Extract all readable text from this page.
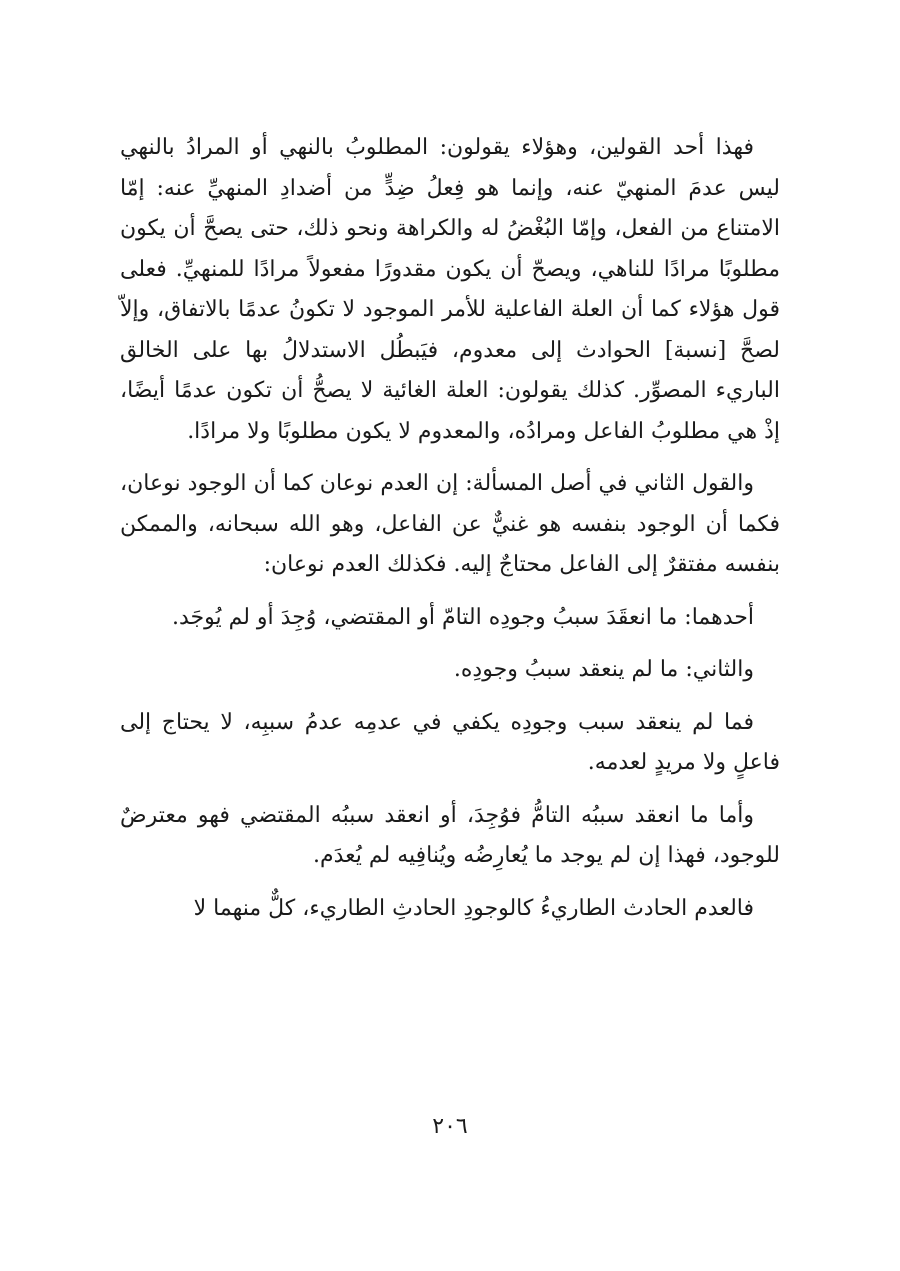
فهذا أحد القولين، وهؤلاء يقولون: المطلوبُ بالنهي أو المرادُ بالنهي ليس عدمَ المنهيّ عنه، وإنما هو فِعلُ ضِدٍّ من أضدادِ المنهيِّ عنه: إمّا الامتناع من الفعل، وإمّا البُغْضُ له والكراهة ونحو ذلك، حتى يصحَّ أن يكون مطلوبًا مرادًا للناهي، ويصحّ أن يكون مقدورًا مفعولاً مرادًا للمنهيِّ. فعلى قول هؤلاء كما أن العلة الفاعلية للأمر الموجود لا تكونُ عدمًا بالاتفاق، وإلاّ لصحَّ [نسبة] الحوادث إلى معدوم، فيَبطُل الاستدلالُ بها على الخالق الباريء المصوِّر. كذلك يقولون: العلة الغائية لا يصحُّ أن تكون عدمًا أيضًا، إذْ هي مطلوبُ الفاعل ومرادُه، والمعدوم لا يكون مطلوبًا ولا مرادًا.

والقول الثاني في أصل المسألة: إن العدم نوعان كما أن الوجود نوعان، فكما أن الوجود بنفسه هو غنيٌّ عن الفاعل، وهو الله سبحانه، والممكن بنفسه مفتقرٌ إلى الفاعل محتاجٌ إليه. فكذلك العدم نوعان:

أحدهما: ما انعقَدَ سببُ وجودِه التامّ أو المقتضي، وُجِدَ أو لم يُوجَد.

والثاني: ما لم ينعقد سببُ وجودِه.

فما لم ينعقد سبب وجودِه يكفي في عدمِه عدمُ سببِه، لا يحتاج إلى فاعلٍ ولا مريدٍ لعدمه.

وأما ما انعقد سببُه التامُّ فوُجِدَ، أو انعقد سببُه المقتضي فهو معترضٌ للوجود، فهذا إن لم يوجد ما يُعارِضُه ويُنافِيه لم يُعدَم.

فالعدم الحادث الطاريءُ كالوجودِ الحادثِ الطاريء، كلٌّ منهما لا

٢٠٦
